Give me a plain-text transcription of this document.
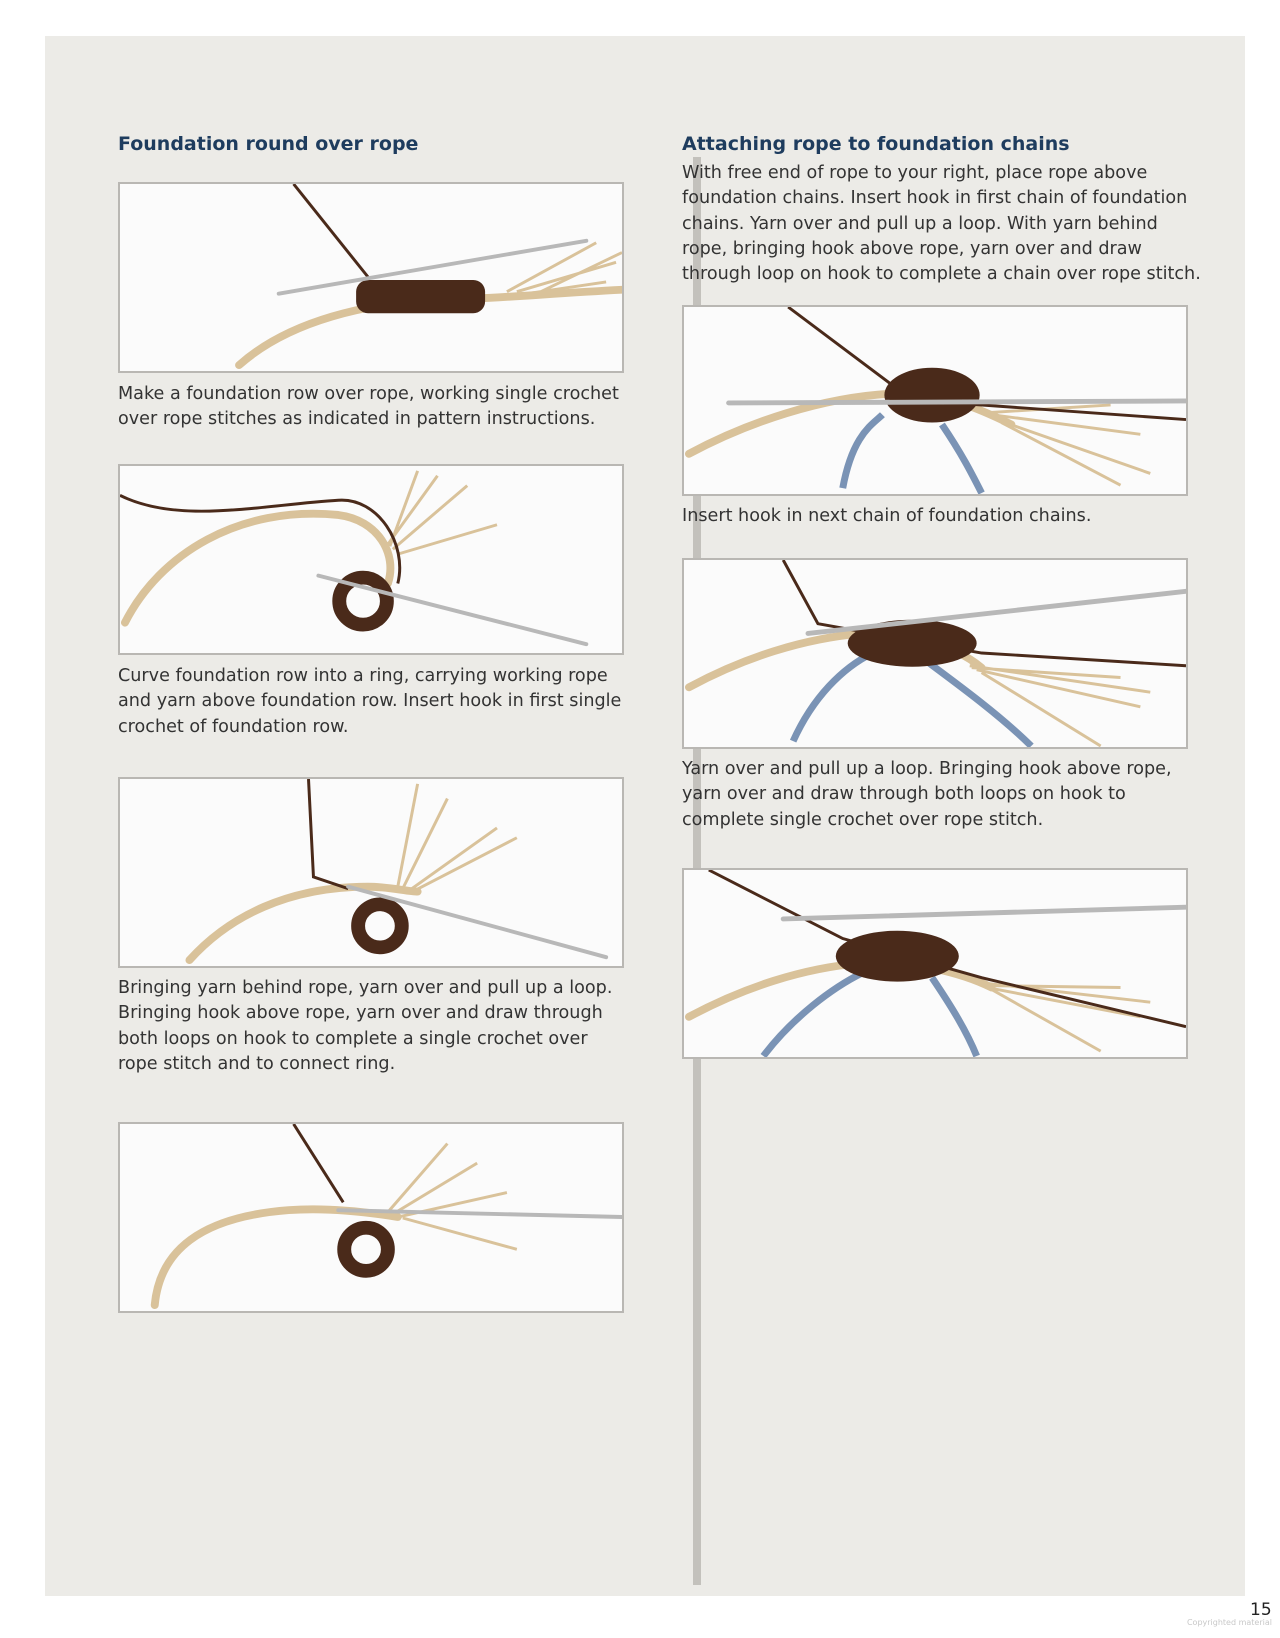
15

Foundation round over rope

Make a foundation row over rope, working single crochet over rope stitches as indicated in pattern instructions.

Curve foundation row into a ring, carrying working rope and yarn above foundation row. Insert hook in first single crochet of foundation row.

Bringing yarn behind rope, yarn over and pull up a loop. Bringing hook above rope, yarn over and draw through both loops on hook to complete a single crochet over rope stitch and to connect ring.

Attaching rope to foundation chains

With free end of rope to your right, place rope above foundation chains. Insert hook in first chain of foundation chains. Yarn over and pull up a loop. With yarn behind rope, bringing hook above rope, yarn over and draw through loop on hook to complete a chain over rope stitch.

Insert hook in next chain of foundation chains.

Yarn over and pull up a loop. Bringing hook above rope, yarn over and draw through both loops on hook to complete single crochet over rope stitch.

Copyrighted material
